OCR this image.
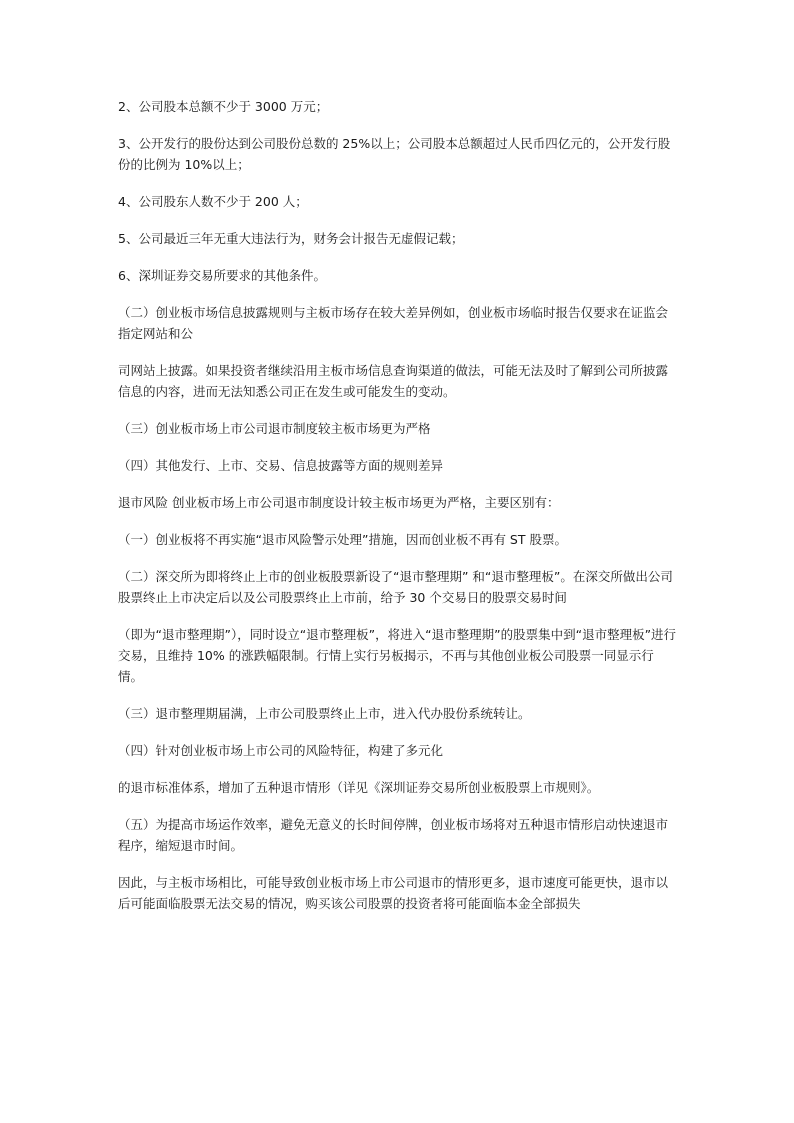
2、公司股本总额不少于 3000 万元；

3、公开发行的股份达到公司股份总数的 25%以上；公司股本总额超过人民币四亿元的，公开发行股份的比例为 10%以上；

4、公司股东人数不少于 200 人；

5、公司最近三年无重大违法行为，财务会计报告无虚假记载；

6、深圳证券交易所要求的其他条件。

（二）创业板市场信息披露规则与主板市场存在较大差异例如，创业板市场临时报告仅要求在证监会指定网站和公

司网站上披露。如果投资者继续沿用主板市场信息查询渠道的做法，可能无法及时了解到公司所披露信息的内容，进而无法知悉公司正在发生或可能发生的变动。

（三）创业板市场上市公司退市制度较主板市场更为严格

（四）其他发行、上市、交易、信息披露等方面的规则差异

退市风险 创业板市场上市公司退市制度设计较主板市场更为严格，主要区别有：

（一）创业板将不再实施“退市风险警示处理”措施，因而创业板不再有 ST 股票。

（二）深交所为即将终止上市的创业板股票新设了“退市整理期” 和“退市整理板”。在深交所做出公司股票终止上市决定后以及公司股票终止上市前，给予 30 个交易日的股票交易时间

（即为“退市整理期”），同时设立“退市整理板”，将进入“退市整理期”的股票集中到“退市整理板”进行交易，且维持 10% 的涨跌幅限制。行情上实行另板揭示，不再与其他创业板公司股票一同显示行情。

（三）退市整理期届满，上市公司股票终止上市，进入代办股份系统转让。

（四）针对创业板市场上市公司的风险特征，构建了多元化

的退市标准体系，增加了五种退市情形（详见《深圳证券交易所创业板股票上市规则》。

（五）为提高市场运作效率，避免无意义的长时间停牌，创业板市场将对五种退市情形启动快速退市程序，缩短退市时间。

因此，与主板市场相比，可能导致创业板市场上市公司退市的情形更多，退市速度可能更快，退市以后可能面临股票无法交易的情况，购买该公司股票的投资者将可能面临本金全部损失
